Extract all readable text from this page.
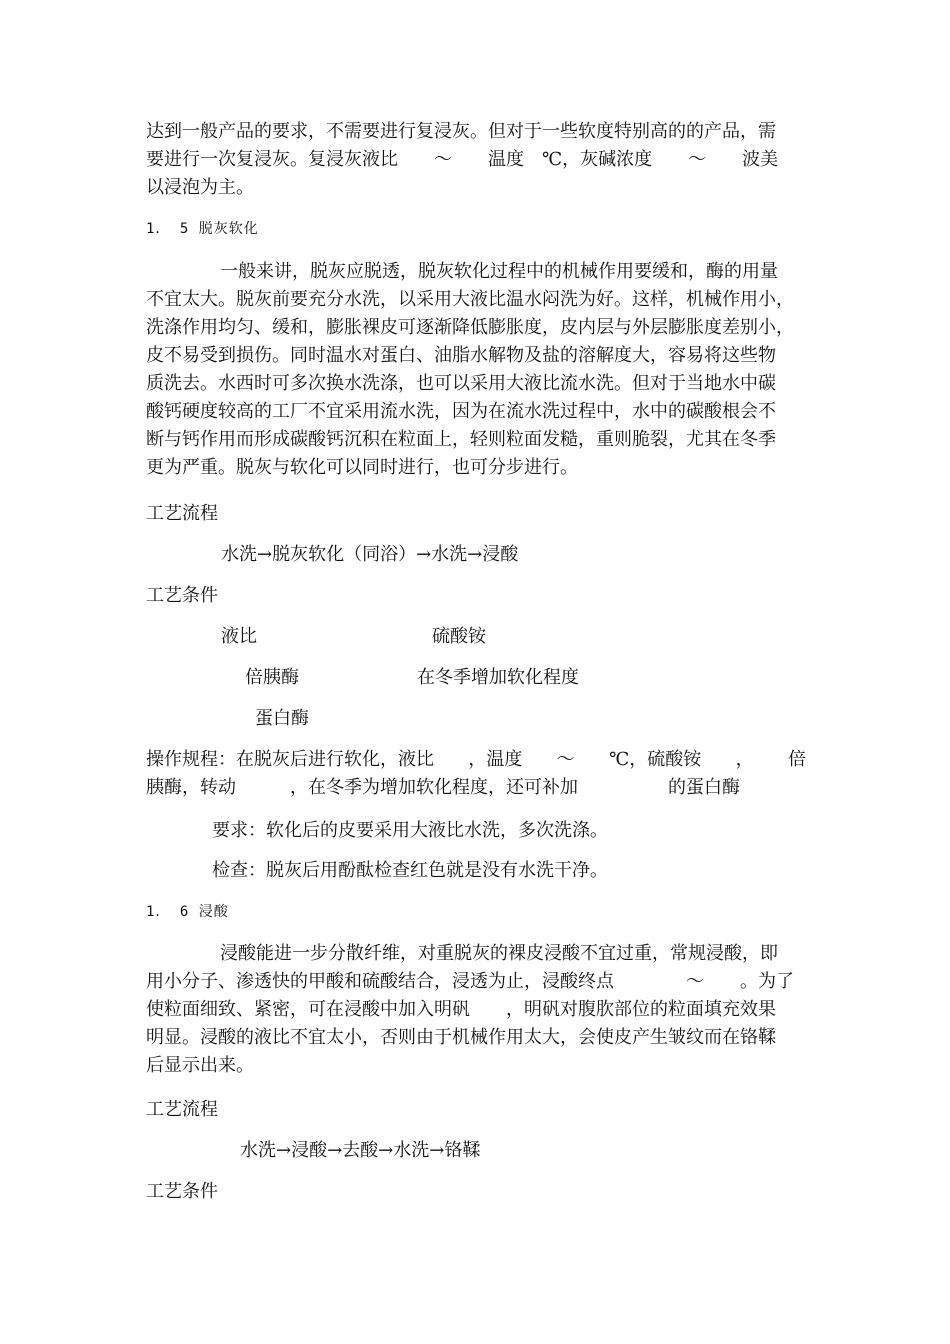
达到一般产品的要求，不需要进行复浸灰。但对于一些软度特别高的的产品，需
要进行一次复浸灰。复浸灰液比　　～　　温度　℃，灰碱浓度　　～　　波美
以浸泡为主。
1． 5 脱灰软化
一般来讲，脱灰应脱透，脱灰软化过程中的机械作用要缓和，酶的用量
不宜太大。脱灰前要充分水洗，以采用大液比温水闷洗为好。这样，机械作用小，
洗涤作用均匀、缓和，膨胀裸皮可逐渐降低膨胀度，皮内层与外层膨胀度差别小，
皮不易受到损伤。同时温水对蛋白、油脂水解物及盐的溶解度大，容易将这些物
质洗去。水西时可多次换水洗涤，也可以采用大液比流水洗。但对于当地水中碳
酸钙硬度较高的工厂不宜采用流水洗，因为在流水洗过程中，水中的碳酸根会不
断与钙作用而形成碳酸钙沉积在粒面上，轻则粒面发糙，重则脆裂，尤其在冬季
更为严重。脱灰与软化可以同时进行，也可分步进行。
工艺流程
水洗→脱灰软化（同浴）→水洗→浸酸
工艺条件
液比	硫酸铵
倍胰酶	在冬季增加软化程度
蛋白酶
操作规程：在脱灰后进行软化，液比 ，温度 ～ ℃，硫酸铵 ， 倍
胰酶，转动　　　，在冬季为增加软化程度，还可补加　　　　　的蛋白酶
要求：软化后的皮要采用大液比水洗，多次洗涤。
检查：脱灰后用酚酞检查红色就是没有水洗干净。
1． 6 浸酸
浸酸能进一步分散纤维，对重脱灰的裸皮浸酸不宜过重，常规浸酸，即
用小分子、渗透快的甲酸和硫酸结合，浸透为止，浸酸终点　　　　～　　。为了
使粒面细致、紧密，可在浸酸中加入明矾　　，明矾对腹肷部位的粒面填充效果
明显。浸酸的液比不宜太小，否则由于机械作用太大，会使皮产生皱纹而在铬鞣
后显示出来。
工艺流程
水洗→浸酸→去酸→水洗→铬鞣
工艺条件
